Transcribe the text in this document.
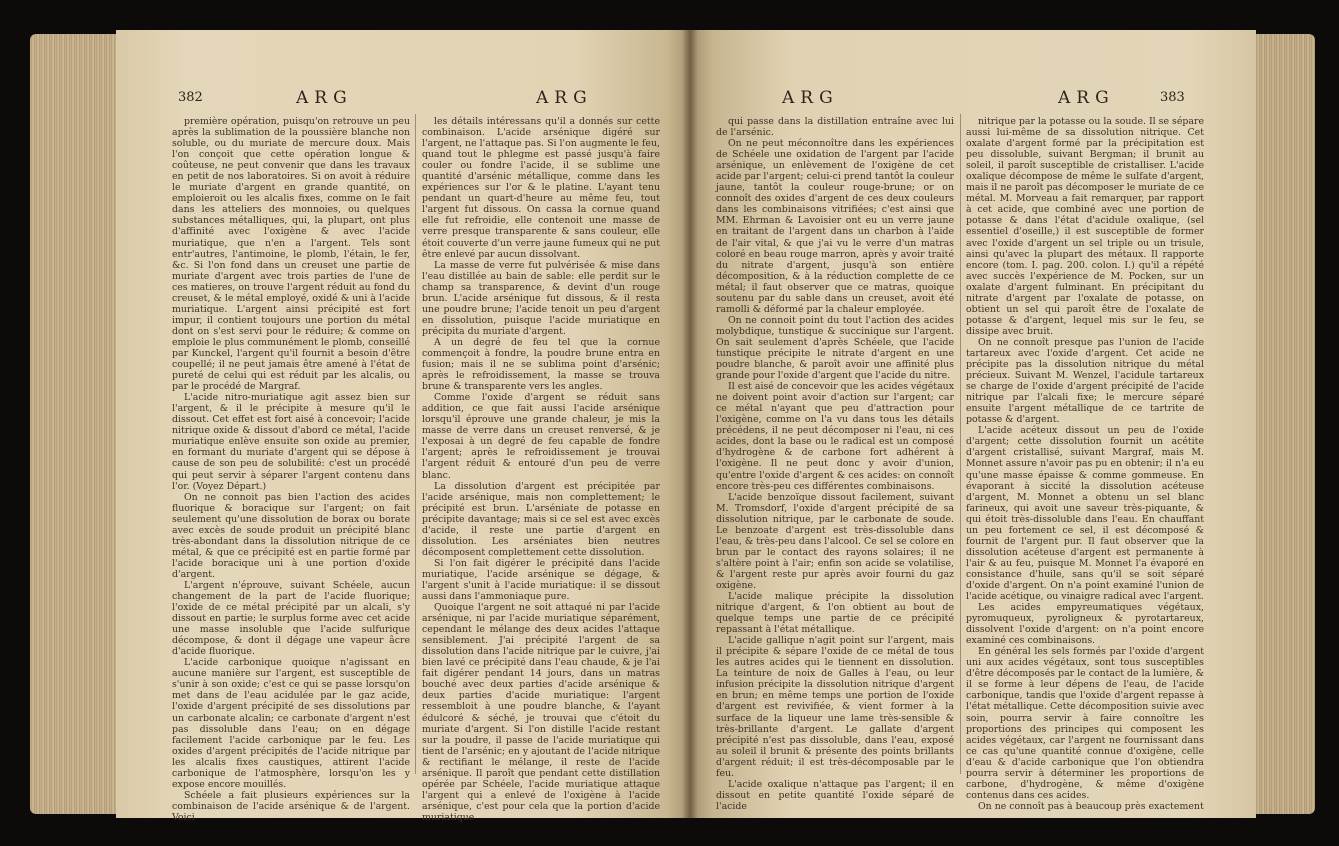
382	ARG	ARG

première opération, puisqu'on retrouve un peu après la sublimation de la poussière blanche non soluble, ou du muriate de mercure doux. Mais l'on conçoit que cette opération longue & coûteuse, ne peut convenir que dans les travaux en petit de nos laboratoires. Si on avoit à réduire le muriate d'argent en grande quantité, on emploieroit ou les alcalis fixes, comme on le fait dans les atteliers des monnoies, ou quelques substances métalliques, qui, la plupart, ont plus d'affinité avec l'oxigène & avec l'acide muriatique, que n'en a l'argent. Tels sont entr'autres, l'antimoine, le plomb, l'étain, le fer, &c. Si l'on fond dans un creuset une partie de muriate d'argent avec trois parties de l'une de ces matieres, on trouve l'argent réduit au fond du creuset, & le métal employé, oxidé & uni à l'acide muriatique. L'argent ainsi précipité est fort impur, il contient toujours une portion du métal dont on s'est servi pour le réduire; & comme on emploie le plus communément le plomb, conseillé par Kunckel, l'argent qu'il fournit a besoin d'être coupellé; il ne peut jamais être amené à l'état de pureté de celui qui est réduit par les alcalis, ou par le procédé de Margraf.

L'acide nitro-muriatique agit assez bien sur l'argent, & il le précipite à mesure qu'il le dissout. Cet effet est fort aisé à concevoir; l'acide nitrique oxide & dissout d'abord ce métal, l'acide muriatique enlève ensuite son oxide au premier, en formant du muriate d'argent qui se dépose à cause de son peu de solubilité: c'est un procédé qui peut servir à séparer l'argent contenu dans l'or. (Voyez Départ.)

On ne connoit pas bien l'action des acides fluorique & boracique sur l'argent; on fait seulement qu'une dissolution de borax ou borate avec excès de soude produit un précipité blanc très-abondant dans la dissolution nitrique de ce métal, & que ce précipité est en partie formé par l'acide boracique uni à une portion d'oxide d'argent.

L'argent n'éprouve, suivant Schéele, aucun changement de la part de l'acide fluorique; l'oxide de ce métal précipité par un alcali, s'y dissout en partie; le surplus forme avec cet acide une masse insoluble que l'acide sulfurique décompose, & dont il dégage une vapeur âcre d'acide fluorique.

L'acide carbonique quoique n'agissant en aucune manière sur l'argent, est susceptible de s'unir à son oxide; c'est ce qui se passe lorsqu'on met dans de l'eau acidulée par le gaz acide, l'oxide d'argent précipité de ses dissolutions par un carbonate alcalin; ce carbonate d'argent n'est pas dissoluble dans l'eau; on en dégage facilement l'acide carbonique par le feu. Les oxides d'argent précipités de l'acide nitrique par les alcalis fixes caustiques, attirent l'acide carbonique de l'atmosphère, lorsqu'on les y expose encore mouillés.

Schéele a fait plusieurs expériences sur la combinaison de l'acide arsénique & de l'argent. Voici

les détails intéressans qu'il a donnés sur cette combinaison. L'acide arsénique digéré sur l'argent, ne l'attaque pas. Si l'on augmente le feu, quand tout le phlegme est passé jusqu'à faire couler ou fondre l'acide, il se sublime une quantité d'arsénic métallique, comme dans les expériences sur l'or & le platine. L'ayant tenu pendant un quart-d'heure au même feu, tout l'argent fut dissous. On cassa la cornue quand elle fut refroidie, elle contenoit une masse de verre presque transparente & sans couleur, elle étoit couverte d'un verre jaune fumeux qui ne put être enlevé par aucun dissolvant.

La masse de verre fut pulvérisée & mise dans l'eau distillée au bain de sable: elle perdit sur le champ sa transparence, & devint d'un rouge brun. L'acide arsénique fut dissous, & il resta une poudre brune; l'acide tenoit un peu d'argent en dissolution, puisque l'acide muriatique en précipita du muriate d'argent.

A un degré de feu tel que la cornue commençoit à fondre, la poudre brune entra en fusion; mais il ne se sublima point d'arsénic; après le refroidissement, la masse se trouva brune & transparente vers les angles.

Comme l'oxide d'argent se réduit sans addition, ce que fait aussi l'acide arsénique lorsqu'il éprouve une grande chaleur, je mis la masse de verre dans un creuset renversé, & je l'exposai à un degré de feu capable de fondre l'argent; après le refroidissement je trouvai l'argent réduit & entouré d'un peu de verre blanc.

La dissolution d'argent est précipitée par l'acide arsénique, mais non complettement; le précipité est brun. L'arséniate de potasse en précipite davantage; mais si ce sel est avec excès d'acide, il reste une partie d'argent en dissolution. Les arséniates bien neutres décomposent complettement cette dissolution.

Si l'on fait digérer le précipité dans l'acide muriatique, l'acide arsénique se dégage, & l'argent s'unit à l'acide muriatique: il se dissout aussi dans l'ammoniaque pure.

Quoique l'argent ne soit attaqué ni par l'acide arsénique, ni par l'acide muriatique séparément, cependant le mélange des deux acides l'attaque sensiblement. J'ai précipité l'argent de sa dissolution dans l'acide nitrique par le cuivre, j'ai bien lavé ce précipité dans l'eau chaude, & je l'ai fait digérer pendant 14 jours, dans un matras bouché avec deux parties d'acide arsénique & deux parties d'acide muriatique: l'argent ressembloit à une poudre blanche, & l'ayant édulcoré & séché, je trouvai que c'étoit du muriate d'argent. Si l'on distille l'acide restant sur la poudre, il passe de l'acide muriatique qui tient de l'arsénic; en y ajoutant de l'acide nitrique & rectifiant le mélange, il reste de l'acide arsénique. Il paroît que pendant cette distillation opérée par Schéele, l'acide muriatique attaque l'argent qui a enlevé de l'oxigène à l'acide arsénique, c'est pour cela que la portion d'acide muriatique

ARG	ARG	383

qui passe dans la distillation entraîne avec lui de l'arsénic.

On ne peut méconnoître dans les expériences de Schéele une oxidation de l'argent par l'acide arsénique, un enlèvement de l'oxigène de cet acide par l'argent; celui-ci prend tantôt la couleur jaune, tantôt la couleur rouge-brune; or on connoît des oxides d'argent de ces deux couleurs dans les combinaisons vitrifiées; c'est ainsi que MM. Ehrman & Lavoisier ont eu un verre jaune en traitant de l'argent dans un charbon à l'aide de l'air vital, & que j'ai vu le verre d'un matras coloré en beau rouge marron, après y avoir traité du nitrate d'argent, jusqu'à son entière décomposition, & à la réduction complette de ce métal; il faut observer que ce matras, quoique soutenu par du sable dans un creuset, avoit été ramolli & déformé par la chaleur employée.

On ne connoit point du tout l'action des acides molybdique, tunstique & succinique sur l'argent. On sait seulement d'après Schéele, que l'acide tunstique précipite le nitrate d'argent en une poudre blanche, & paroît avoir une affinité plus grande pour l'oxide d'argent que l'acide du nitre.

Il est aisé de concevoir que les acides végétaux ne doivent point avoir d'action sur l'argent; car ce métal n'ayant que peu d'attraction pour l'oxigène, comme on l'a vu dans tous les détails précédens, il ne peut décomposer ni l'eau, ni ces acides, dont la base ou le radical est un composé d'hydrogène & de carbone fort adhérent à l'oxigène. Il ne peut donc y avoir d'union, qu'entre l'oxide d'argent & ces acides: on connoît encore très-peu ces différentes combinaisons.

L'acide benzoïque dissout facilement, suivant M. Tromsdorf, l'oxide d'argent précipité de sa dissolution nitrique, par le carbonate de soude. Le benzoate d'argent est très-dissoluble dans l'eau, & très-peu dans l'alcool. Ce sel se colore en brun par le contact des rayons solaires; il ne s'altère point à l'air; enfin son acide se volatilise, & l'argent reste pur après avoir fourni du gaz oxigène.

L'acide malique précipite la dissolution nitrique d'argent, & l'on obtient au bout de quelque temps une partie de ce précipité repassant à l'état métallique.

L'acide gallique n'agit point sur l'argent, mais il précipite & sépare l'oxide de ce métal de tous les autres acides qui le tiennent en dissolution. La teinture de noix de Galles à l'eau, ou leur infusion précipite la dissolution nitrique d'argent en brun; en même temps une portion de l'oxide d'argent est revivifiée, & vient former à la surface de la liqueur une lame très-sensible & très-brillante d'argent. Le gallate d'argent précipité n'est pas dissoluble, dans l'eau, exposé au soleil il brunit & présente des points brillants d'argent réduit; il est très-décomposable par le feu.

L'acide oxalique n'attaque pas l'argent; il en dissout en petite quantité l'oxide séparé de l'acide

nitrique par la potasse ou la soude. Il se sépare aussi lui-même de sa dissolution nitrique. Cet oxalate d'argent formé par la précipitation est peu dissoluble, suivant Bergman; il brunit au soleil, il paroît susceptible de cristalliser. L'acide oxalique décompose de même le sulfate d'argent, mais il ne paroît pas décomposer le muriate de ce métal. M. Morveau a fait remarquer, par rapport à cet acide, que combiné avec une portion de potasse & dans l'état d'acidule oxalique, (sel essentiel d'oseille,) il est susceptible de former avec l'oxide d'argent un sel triple ou un trisule, ainsi qu'avec la plupart des métaux. Il rapporte encore (tom. I. pag. 200. colon. I.) qu'il a répété avec succès l'expérience de M. Pocken, sur un oxalate d'argent fulminant. En précipitant du nitrate d'argent par l'oxalate de potasse, on obtient un sel qui paroît être de l'oxalate de potasse & d'argent, lequel mis sur le feu, se dissipe avec bruit.

On ne connoît presque pas l'union de l'acide tartareux avec l'oxide d'argent. Cet acide ne précipite pas la dissolution nitrique du métal précieux. Suivant M. Wenzel, l'acidule tartareux se charge de l'oxide d'argent précipité de l'acide nitrique par l'alcali fixe; le mercure séparé ensuite l'argent métallique de ce tartrite de potasse & d'argent.

L'acide acéteux dissout un peu de l'oxide d'argent; cette dissolution fournit un acétite d'argent cristallisé, suivant Margraf, mais M. Monnet assure n'avoir pas pu en obtenir; il n'a eu qu'une masse épaisse & comme gommeuse. En évaporant à siccité la dissolution acéteuse d'argent, M. Monnet a obtenu un sel blanc farineux, qui avoit une saveur très-piquante, & qui étoit très-dissoluble dans l'eau. En chauffant un peu fortement ce sel, il est décomposé & fournit de l'argent pur. Il faut observer que la dissolution acéteuse d'argent est permanente à l'air & au feu, puisque M. Monnet l'a évaporé en consistance d'huile, sans qu'il se soit séparé d'oxide d'argent. On n'a point examiné l'union de l'acide acétique, ou vinaigre radical avec l'argent.

Les acides empyreumatiques végétaux, pyromuqueux, pyroligneux & pyrotartareux, dissolvent l'oxide d'argent: on n'a point encore examiné ces combinaisons.

En général les sels formés par l'oxide d'argent uni aux acides végétaux, sont tous susceptibles d'être décomposés par le contact de la lumière, & il se forme à leur dépens de l'eau, de l'acide carbonique, tandis que l'oxide d'argent repasse à l'état métallique. Cette décomposition suivie avec soin, pourra servir à faire connoître les proportions des principes qui composent les acides végétaux, car l'argent ne fournissant dans ce cas qu'une quantité connue d'oxigène, celle d'eau & d'acide carbonique que l'on obtiendra pourra servir à déterminer les proportions de carbone, d'hydrogène, & même d'oxigène contenus dans ces acides.

On ne connoît pas à beaucoup près exactement
